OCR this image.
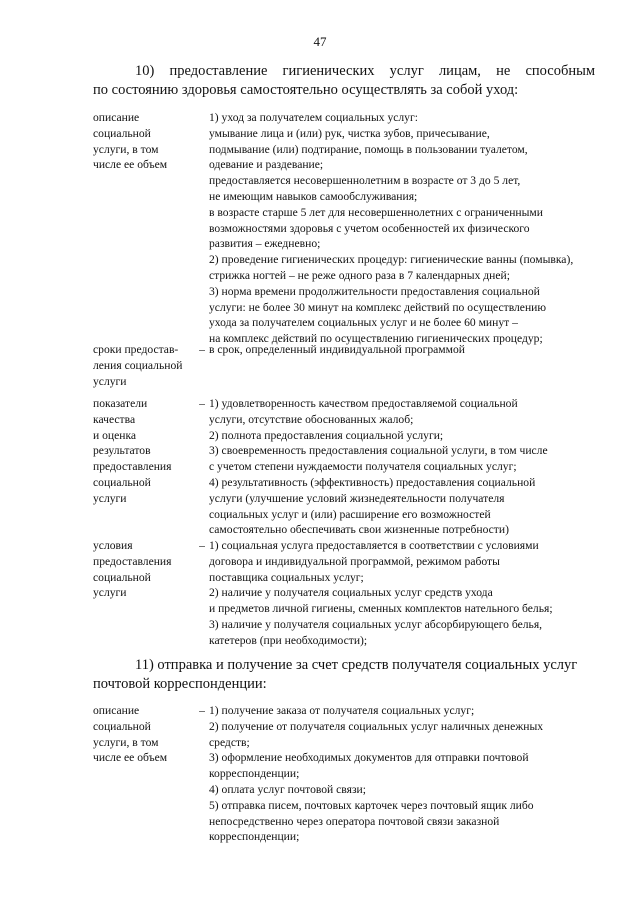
47
10) предоставление гигиенических услуг лицам, не способным
по состоянию здоровья самостоятельно осуществлять за собой уход:
описание
социальной
услуги, в том
числе ее объем
1) уход за получателем социальных услуг:
умывание лица и (или) рук, чистка зубов, причесывание,
подмывание (или) подтирание, помощь в пользовании туалетом,
одевание и раздевание;
предоставляется несовершеннолетним в возрасте от 3 до 5 лет,
не имеющим навыков самообслуживания;
в возрасте старше 5 лет для несовершеннолетних с ограниченными
возможностями здоровья с учетом особенностей их физического
развития – ежедневно;
2) проведение гигиенических процедур: гигиенические ванны (помывка),
стрижка ногтей – не реже одного раза в 7 календарных дней;
3) норма времени продолжительности предоставления социальной
услуги: не более 30 минут на комплекс действий по осуществлению
ухода за получателем социальных услуг и не более 60 минут –
на комплекс действий по осуществлению гигиенических процедур;
сроки предостав-
ления социальной
услуги
– в срок, определенный индивидуальной программой
показатели
качества
и оценка
результатов
предоставления
социальной
услуги
– 1) удовлетворенность качеством предоставляемой социальной
услуги, отсутствие обоснованных жалоб;
2) полнота предоставления социальной услуги;
3) своевременность предоставления социальной услуги, в том числе
с учетом степени нуждаемости получателя социальных услуг;
4) результативность (эффективность) предоставления социальной
услуги (улучшение условий жизнедеятельности получателя
социальных услуг и (или) расширение его возможностей
самостоятельно обеспечивать свои жизненные потребности)
условия
предоставления
социальной
услуги
– 1) социальная услуга предоставляется в соответствии с условиями
договора и индивидуальной программой, режимом работы
поставщика социальных услуг;
2) наличие у получателя социальных услуг средств ухода
и предметов личной гигиены, сменных комплектов нательного белья;
3) наличие у получателя социальных услуг абсорбирующего белья,
катетеров (при необходимости);
11) отправка и получение за счет средств получателя социальных услуг
почтовой корреспонденции:
описание
социальной
услуги, в том
числе ее объем
– 1) получение заказа от получателя социальных услуг;
2) получение от получателя социальных услуг наличных денежных
средств;
3) оформление необходимых документов для отправки почтовой
корреспонденции;
4) оплата услуг почтовой связи;
5) отправка писем, почтовых карточек через почтовый ящик либо
непосредственно через оператора почтовой связи заказной
корреспонденции;
